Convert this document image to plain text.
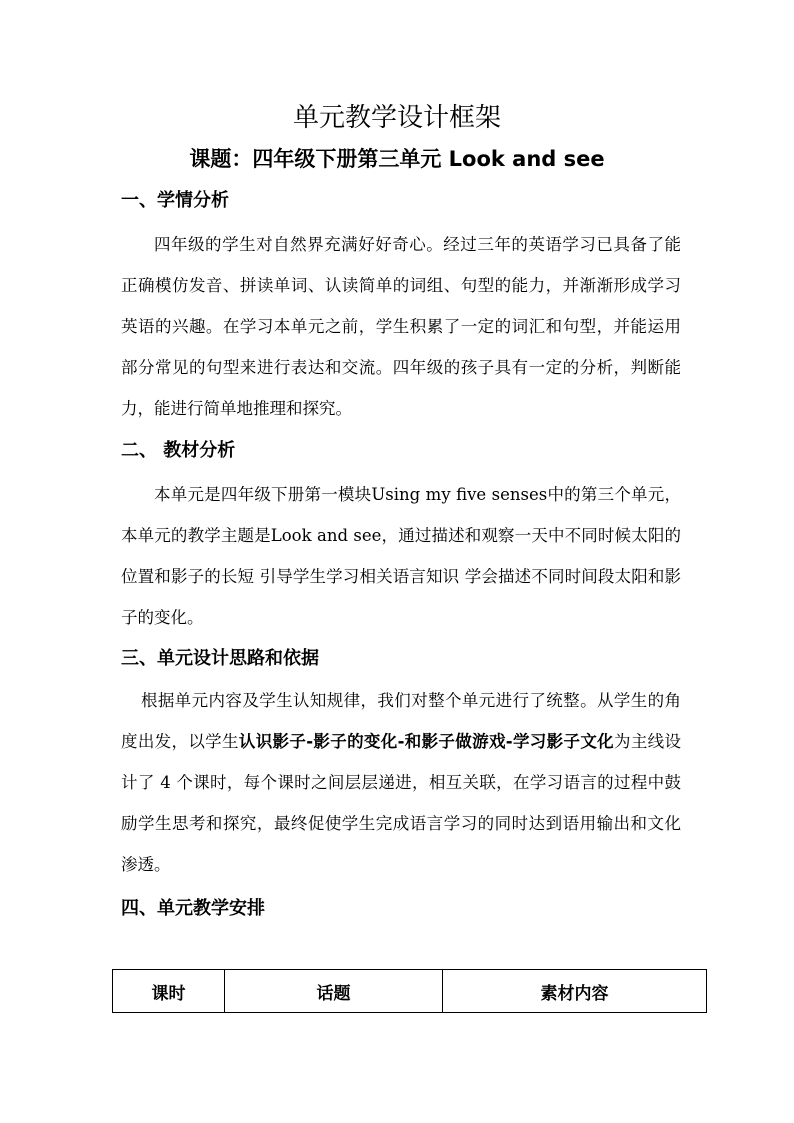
单元教学设计框架
课题：四年级下册第三单元 Look and see
一、学情分析

四年级的学生对自然界充满好好奇心。经过三年的英语学习已具备了能正确模仿发音、拼读单词、认读简单的词组、句型的能力，并渐渐形成学习英语的兴趣。在学习本单元之前，学生积累了一定的词汇和句型，并能运用部分常见的句型来进行表达和交流。四年级的孩子具有一定的分析，判断能力，能进行简单地推理和探究。

二、 教材分析

本单元是四年级下册第一模块Using my five senses中的第三个单元，本单元的教学主题是Look and see，通过描述和观察一天中不同时候太阳的位置和影子的长短 引导学生学习相关语言知识 学会描述不同时间段太阳和影子的变化。

三、单元设计思路和依据

根据单元内容及学生认知规律，我们对整个单元进行了统整。从学生的角度出发，以学生认识影子-影子的变化-和影子做游戏-学习影子文化为主线设计了 4 个课时，每个课时之间层层递进，相互关联，在学习语言的过程中鼓励学生思考和探究，最终促使学生完成语言学习的同时达到语用输出和文化渗透。

四、单元教学安排
课时	话题	素材内容
